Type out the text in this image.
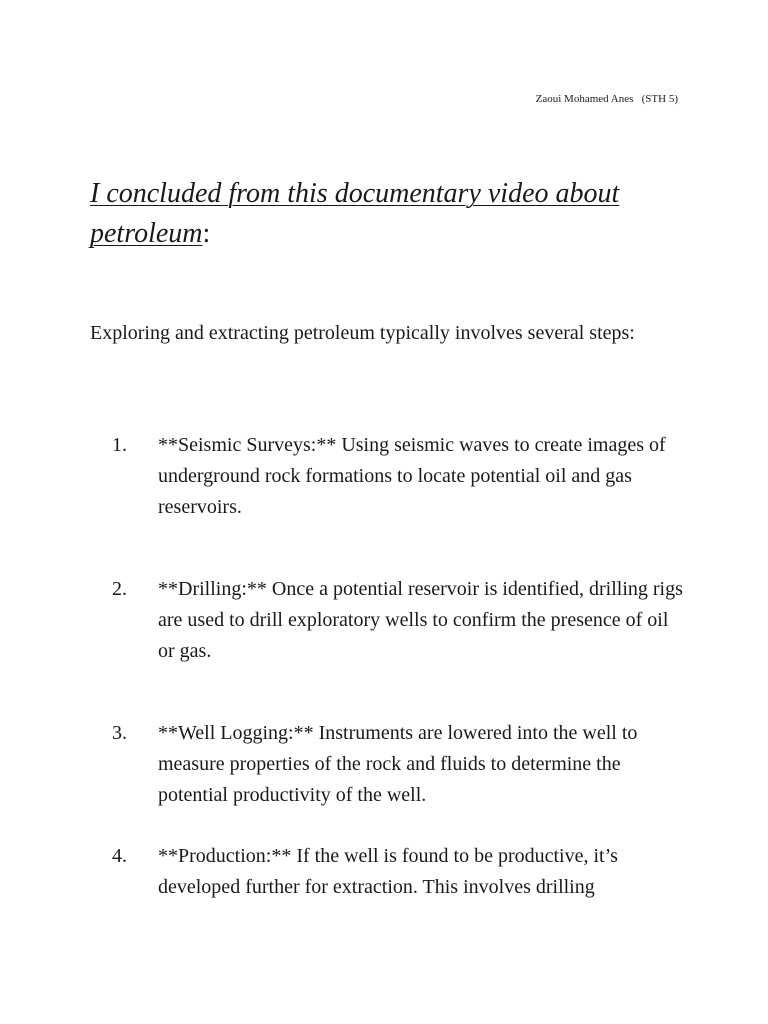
Zaoui Mohamed Anes   (STH 5)
I concluded from this documentary video about petroleum:

Exploring and extracting petroleum typically involves several steps:

1. **Seismic Surveys:** Using seismic waves to create images of underground rock formations to locate potential oil and gas reservoirs.
2. **Drilling:** Once a potential reservoir is identified, drilling rigs are used to drill exploratory wells to confirm the presence of oil or gas.
3. **Well Logging:** Instruments are lowered into the well to measure properties of the rock and fluids to determine the potential productivity of the well.
4. **Production:** If the well is found to be productive, it’s developed further for extraction. This involves drilling
